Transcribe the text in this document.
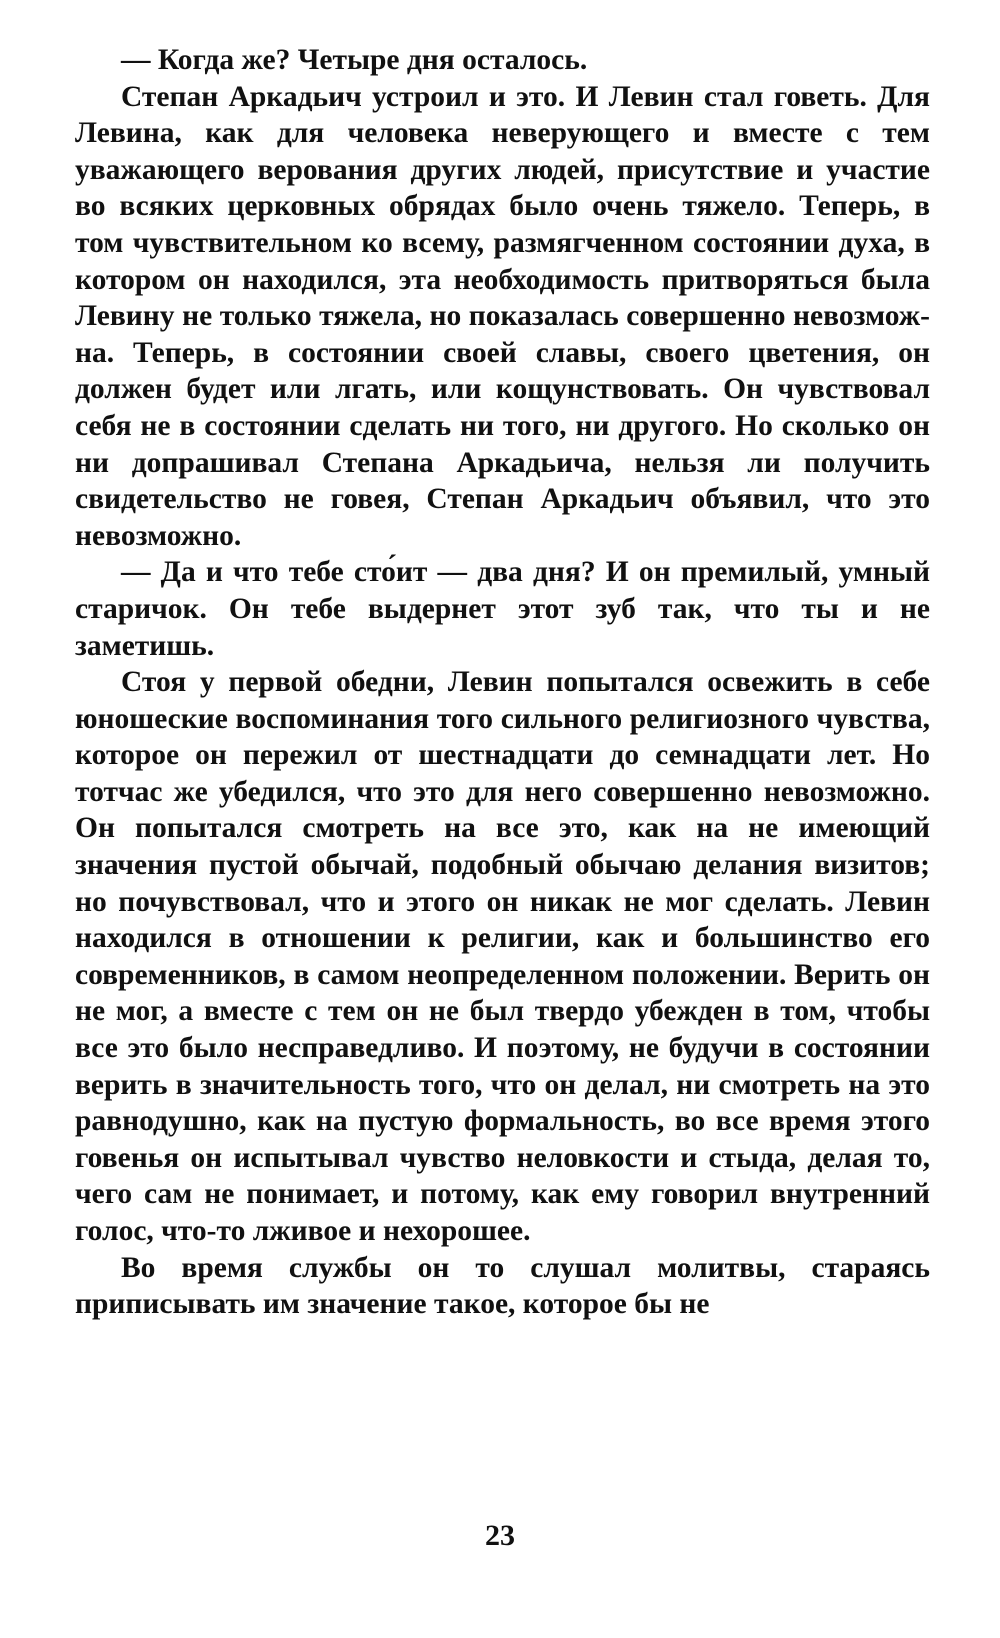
— Когда же? Четыре дня осталось.

Степан Аркадьич устроил и это. И Левин стал говеть. Для Левина, как для человека неверующего и вместе с тем уважающего верования других людей, присутствие и участие во всяких церковных обрядах было очень тяжело. Теперь, в том чувствительном ко всему, размягченном состоянии духа, в котором он находился, эта необходимость притворяться была Левину не только тяжела, но показалась совершенно невозможна. Теперь, в состоянии своей славы, своего цветения, он должен будет или лгать, или кощунствовать. Он чувствовал себя не в состоянии сделать ни того, ни другого. Но сколько он ни допрашивал Степана Аркадьича, нельзя ли получить свидетельство не говея, Степан Аркадьич объявил, что это невозможно.

— Да и что тебе сто́ит — два дня? И он премилый, умный старичок. Он тебе выдернет этот зуб так, что ты и не заметишь.

Стоя у первой обедни, Левин попытался освежить в себе юношеские воспоминания того сильного религиозного чувства, которое он пережил от шестнадцати до семнадцати лет. Но тотчас же убедился, что это для него совершенно невозможно. Он попытался смотреть на все это, как на не имеющий значения пустой обычай, подобный обычаю делания визитов; но почувствовал, что и этого он никак не мог сделать. Левин находился в отношении к религии, как и большинство его современников, в самом неопределенном положении. Верить он не мог, а вместе с тем он не был твердо убежден в том, чтобы все это было несправедливо. И поэтому, не будучи в состоянии верить в значительность того, что он делал, ни смотреть на это равнодушно, как на пустую формальность, во все время этого говенья он испытывал чувство неловкости и стыда, делая то, чего сам не понимает, и потому, как ему говорил внутренний голос, что-то лживое и нехорошее.

Во время службы он то слушал молитвы, стараясь приписывать им значение такое, которое бы не

23
